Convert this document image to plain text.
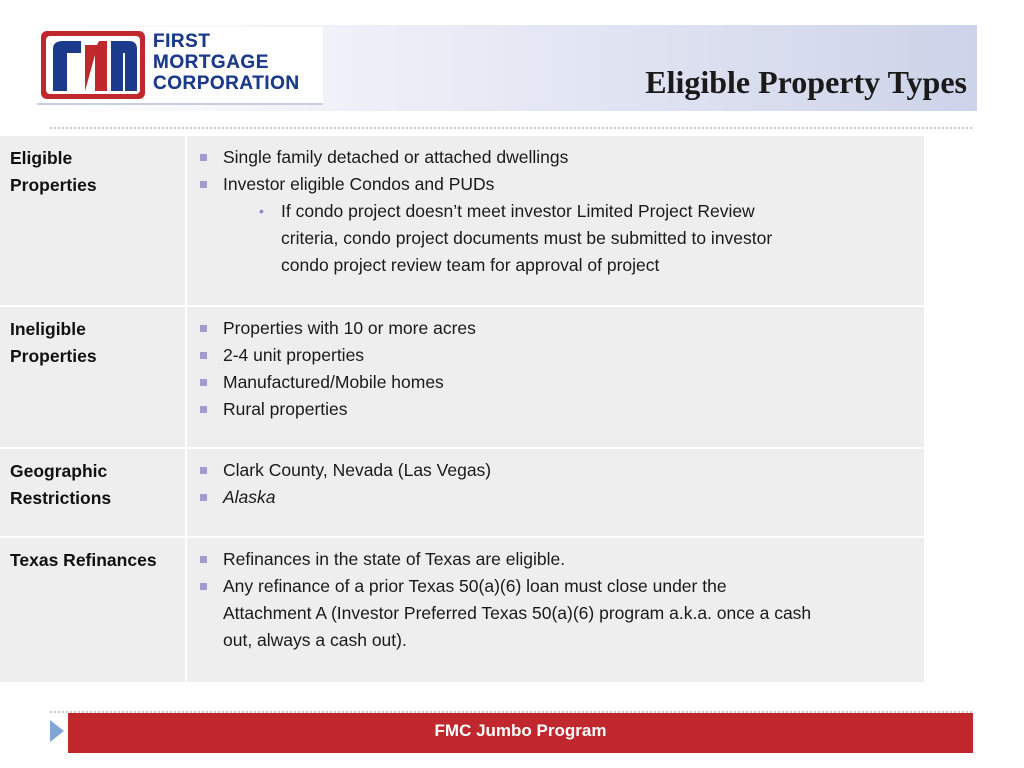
FIRST
MORTGAGE
CORPORATION	Eligible Property Types
Eligible
Properties
Single family detached or attached dwellings
Investor eligible Condos and PUDs
• If condo project doesn’t meet investor Limited Project Review
criteria, condo project documents must be submitted to investor
condo project review team for approval of project
Ineligible
Properties
Properties with 10 or more acres
2-4 unit properties
Manufactured/Mobile homes
Rural properties
Geographic
Restrictions
Clark County, Nevada (Las Vegas)
Alaska
Texas Refinances	Refinances in the state of Texas are eligible.
Any refinance of a prior Texas 50(a)(6) loan must close under the
Attachment A (Investor Preferred Texas 50(a)(6) program a.k.a. once a cash
out, always a cash out).
FMC Jumbo Program
